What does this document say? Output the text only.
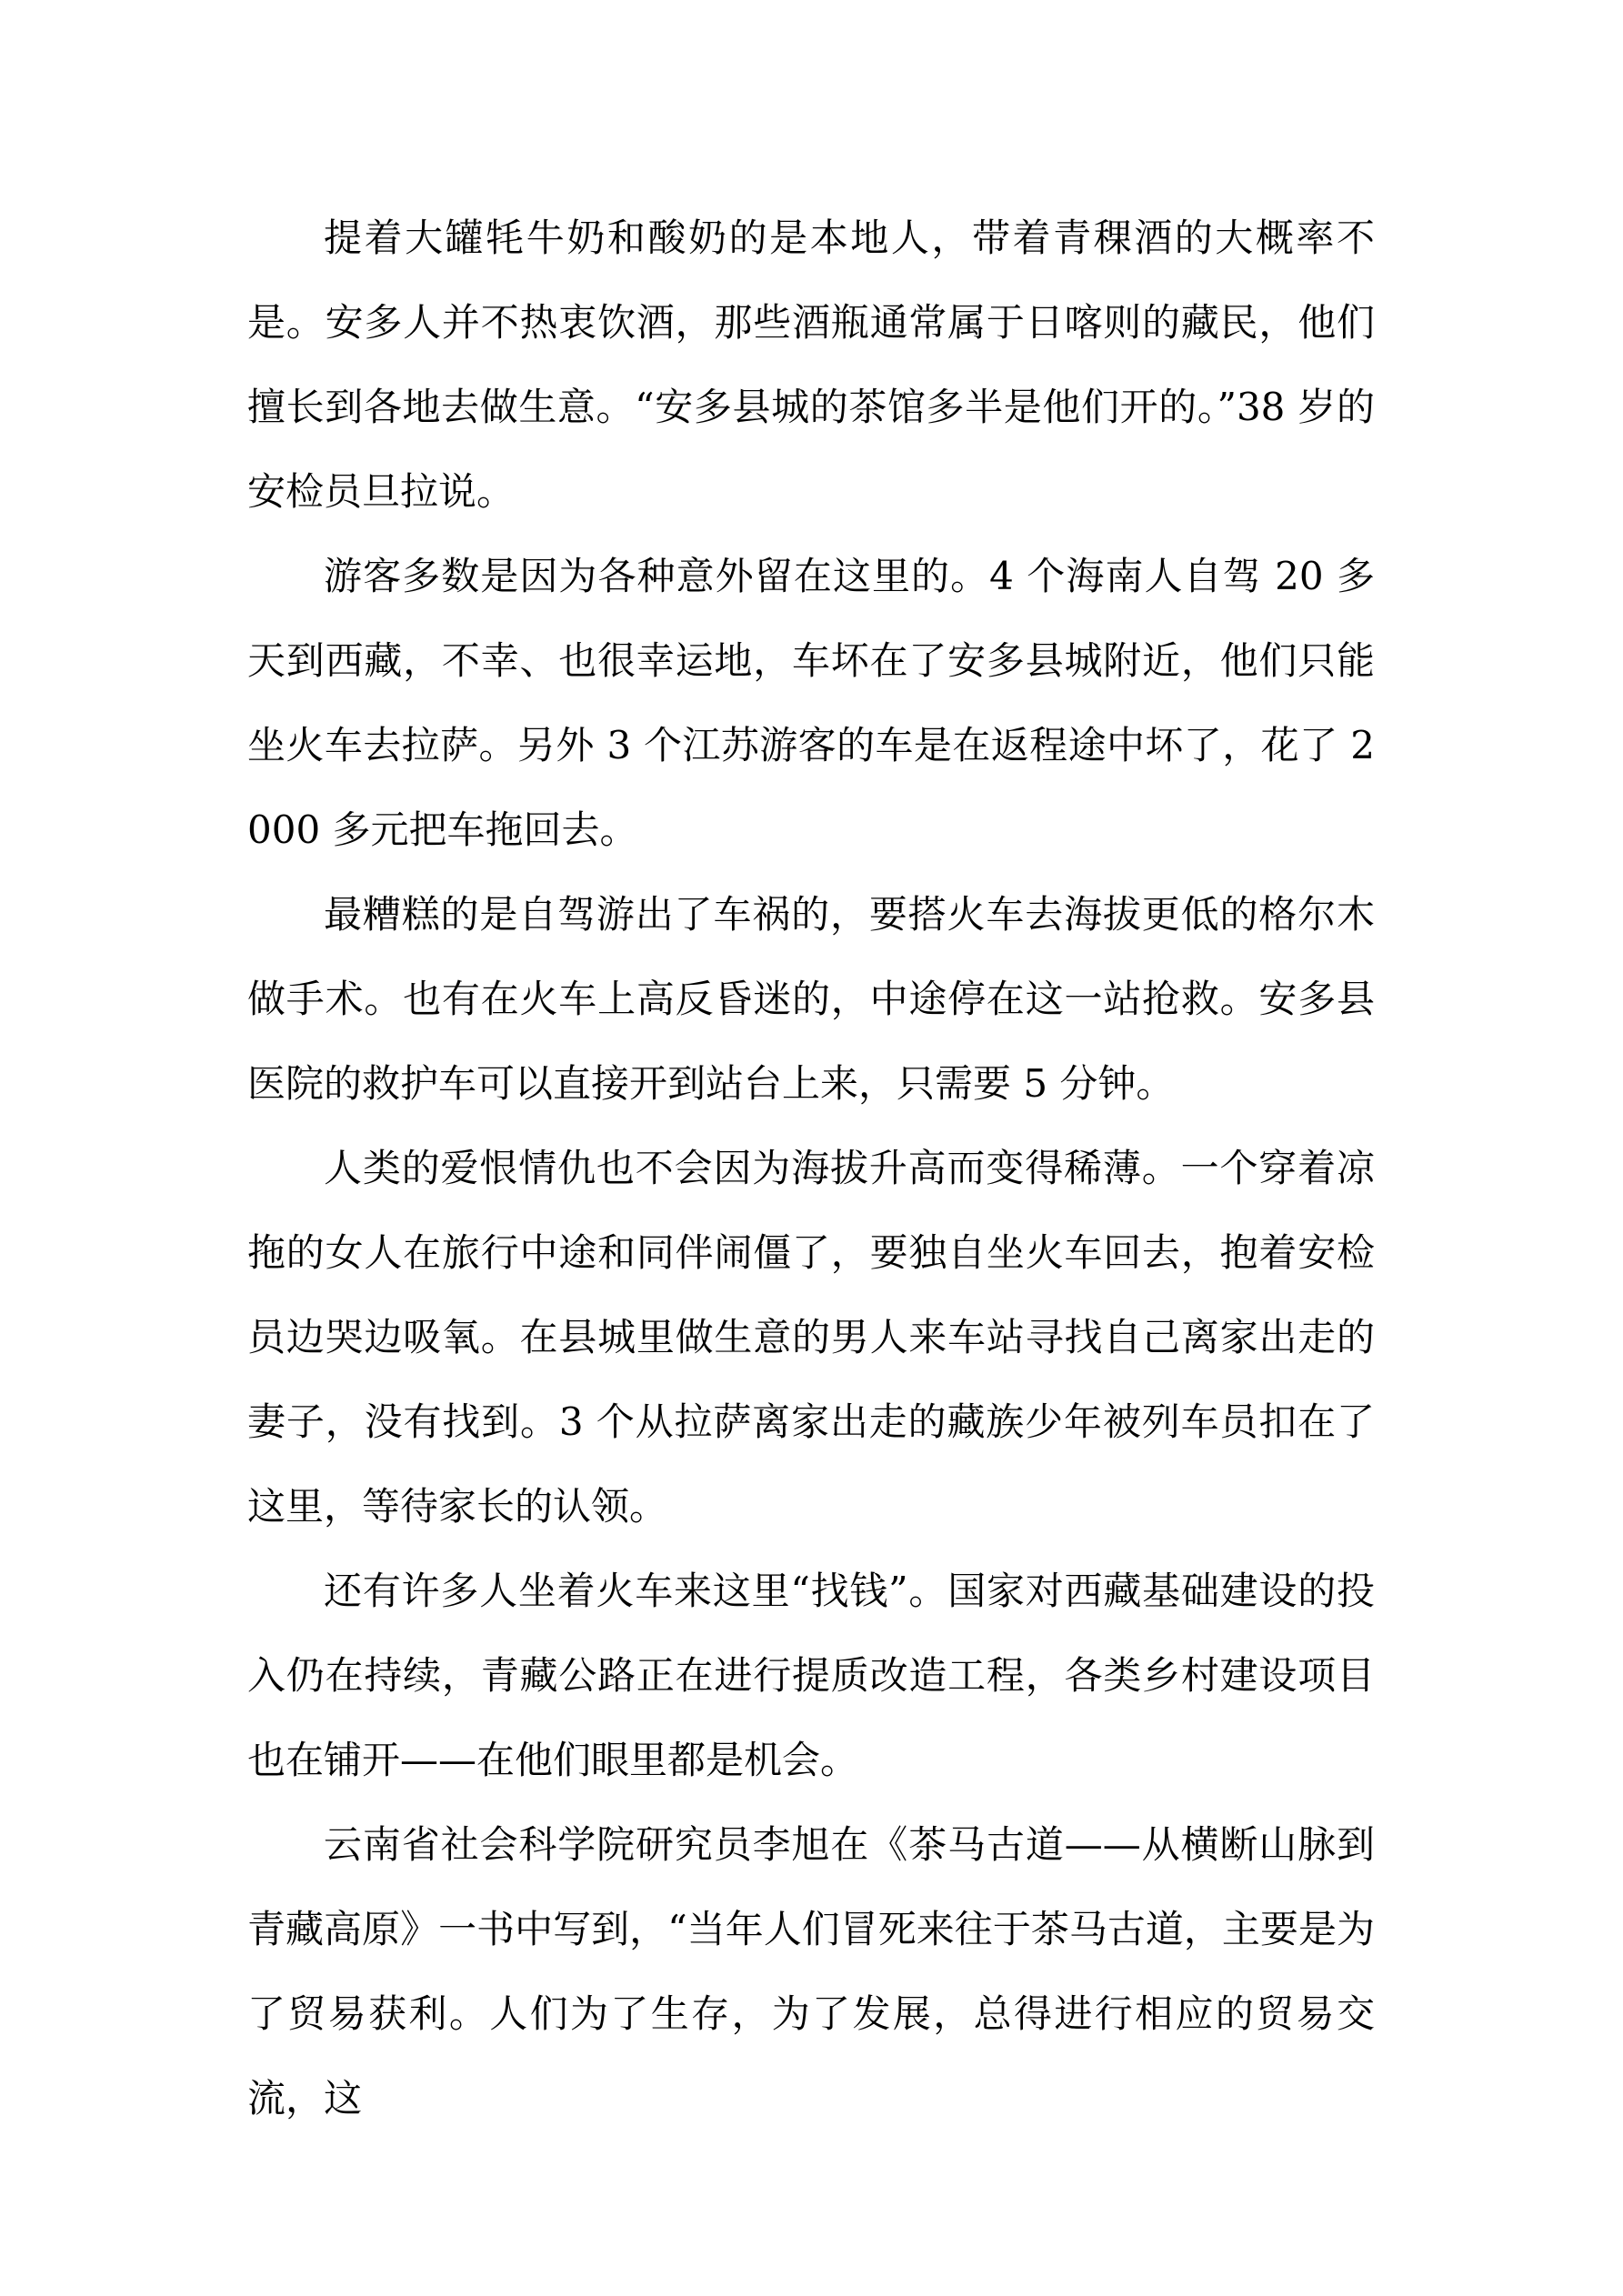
提着大罐牦牛奶和酸奶的是本地人，带着青稞酒的大概率不是。安多人并不热衷饮酒，那些酒瓶通常属于日喀则的藏民，他们擅长到各地去做生意。“安多县城的茶馆多半是他们开的。”38 岁的安检员旦拉说。

游客多数是因为各种意外留在这里的。4 个海南人自驾 20 多天到西藏，不幸、也很幸运地，车坏在了安多县城附近，他们只能坐火车去拉萨。另外 3 个江苏游客的车是在返程途中坏了，花了 2000 多元把车拖回去。

最糟糕的是自驾游出了车祸的，要搭火车去海拔更低的格尔木做手术。也有在火车上高反昏迷的，中途停在这一站抢救。安多县医院的救护车可以直接开到站台上来，只需要 5 分钟。

人类的爱恨情仇也不会因为海拔升高而变得稀薄。一个穿着凉拖的女人在旅行中途和同伴闹僵了，要独自坐火车回去，抱着安检员边哭边吸氧。在县城里做生意的男人来车站寻找自己离家出走的妻子，没有找到。3 个从拉萨离家出走的藏族少年被列车员扣在了这里，等待家长的认领。

还有许多人坐着火车来这里“找钱”。国家对西藏基础建设的投入仍在持续，青藏公路正在进行提质改造工程，各类乡村建设项目也在铺开——在他们眼里都是机会。

云南省社会科学院研究员李旭在《茶马古道——从横断山脉到青藏高原》一书中写到，“当年人们冒死来往于茶马古道，主要是为了贸易获利。人们为了生存，为了发展，总得进行相应的贸易交流，这
